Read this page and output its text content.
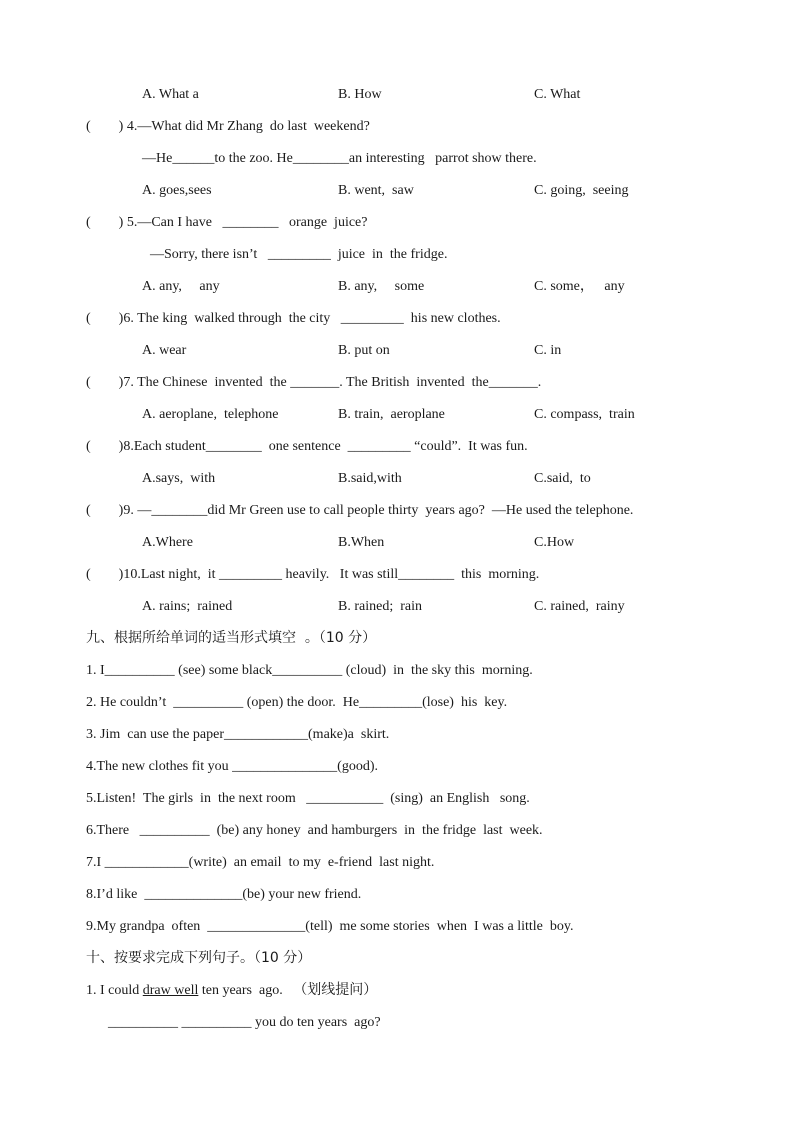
A. What a	B. How	C. What
(        ) 4.—What did Mr Zhang  do last  weekend?
—He______to the zoo. He________an interesting   parrot show there.
A. goes,sees	B. went,  saw	C. going,  seeing
(        ) 5.—Can I have   ________   orange  juice?
—Sorry, there isn’t   _________  juice  in  the fridge.
A. any,     any	B. any,     some	C. some，   any
(        )6. The king  walked through  the city   _________  his new clothes.
A. wear	B. put on	C. in
(        )7. The Chinese  invented  the _______. The British  invented  the_______.
A. aeroplane,  telephone	B. train,  aeroplane	C. compass,  train
(        )8.Each student________  one sentence  _________ “could”.  It was fun.
A.says,  with	B.said,with	C.said,  to
(        )9. —________did Mr Green use to call people thirty  years ago?  —He used the telephone.
A.Where	B.When	C.How
(        )10.Last night,  it _________ heavily.   It was still________  this  morning.
A. rains;  rained	B. rained;  rain	C. rained,  rainy
九、根据所给单词的适当形式填空  。（10 分）
1. I__________ (see) some black__________ (cloud)  in  the sky this  morning.
2. He couldn’t  __________ (open) the door.  He_________(lose)  his  key.
3. Jim  can use the paper____________(make)a  skirt.
4.The new clothes fit you _______________(good).
5.Listen!  The girls  in  the next room   ___________  (sing)  an English   song.
6.There   __________  (be) any honey  and hamburgers  in  the fridge  last  week.
7.I ____________(write)  an email  to my  e-friend  last night.
8.I’d like  ______________(be) your new friend.
9.My grandpa  often  ______________(tell)  me some stories  when  I was a little  boy.
十、按要求完成下列句子。（10 分）
1. I could draw well ten years  ago.   （划线提问）
__________ __________ you do ten years  ago?
